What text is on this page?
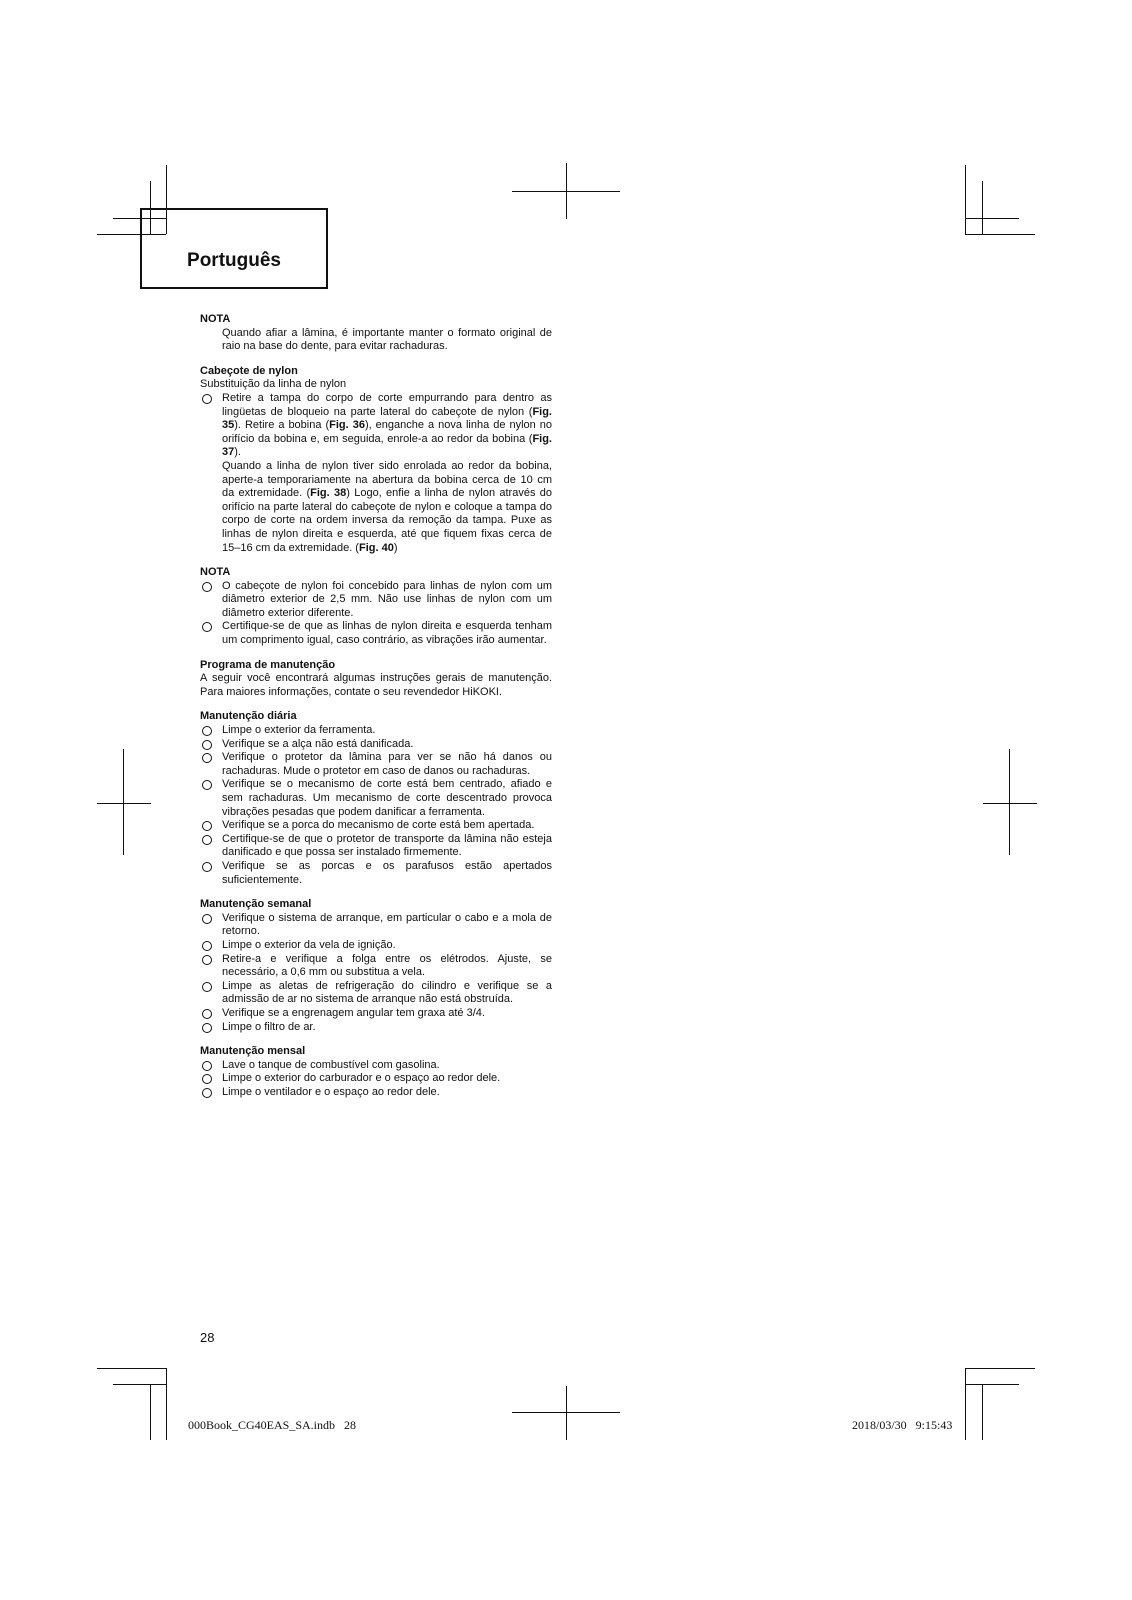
Português
NOTA

Quando afiar a lâmina, é importante manter o formato original de raio na base do dente, para evitar rachaduras.

Cabeçote de nylon
Substituição da linha de nylon
Retire a tampa do corpo de corte empurrando para dentro as lingüetas de bloqueio na parte lateral do cabeçote de nylon (Fig. 35). Retire a bobina (Fig. 36), enganche a nova linha de nylon no orifício da bobina e, em seguida, enrole-a ao redor da bobina (Fig. 37).

Quando a linha de nylon tiver sido enrolada ao redor da bobina, aperte-a temporariamente na abertura da bobina cerca de 10 cm da extremidade. (Fig. 38) Logo, enfie a linha de nylon através do orifício na parte lateral do cabeçote de nylon e coloque a tampa do corpo de corte na ordem inversa da remoção da tampa. Puxe as linhas de nylon direita e esquerda, até que fiquem fixas cerca de 15–16 cm da extremidade. (Fig. 40)

NOTA
O cabeçote de nylon foi concebido para linhas de nylon com um diâmetro exterior de 2,5 mm. Não use linhas de nylon com um diâmetro exterior diferente.
Certifique-se de que as linhas de nylon direita e esquerda tenham um comprimento igual, caso contrário, as vibrações irão aumentar.
Programa de manutenção

A seguir você encontrará algumas instruções gerais de manutenção. Para maiores informações, contate o seu revendedor HiKOKI.

Manutenção diária
Limpe o exterior da ferramenta.
Verifique se a alça não está danificada.
Verifique o protetor da lâmina para ver se não há danos ou rachaduras. Mude o protetor em caso de danos ou rachaduras.
Verifique se o mecanismo de corte está bem centrado, afiado e sem rachaduras. Um mecanismo de corte descentrado provoca vibrações pesadas que podem danificar a ferramenta.
Verifique se a porca do mecanismo de corte está bem apertada.
Certifique-se de que o protetor de transporte da lâmina não esteja danificado e que possa ser instalado firmemente.
Verifique se as porcas e os parafusos estão apertados suficientemente.
Manutenção semanal
Verifique o sistema de arranque, em particular o cabo e a mola de retorno.
Limpe o exterior da vela de ignição.
Retire-a e verifique a folga entre os elétrodos. Ajuste, se necessário, a 0,6 mm ou substitua a vela.
Limpe as aletas de refrigeração do cilindro e verifique se a admissão de ar no sistema de arranque não está obstruída.
Verifique se a engrenagem angular tem graxa até 3/4.
Limpe o filtro de ar.
Manutenção mensal
Lave o tanque de combustível com gasolina.
Limpe o exterior do carburador e o espaço ao redor dele.
Limpe o ventilador e o espaço ao redor dele.
28
000Book_CG40EAS_SA.indb   28	2018/03/30   9:15:43
